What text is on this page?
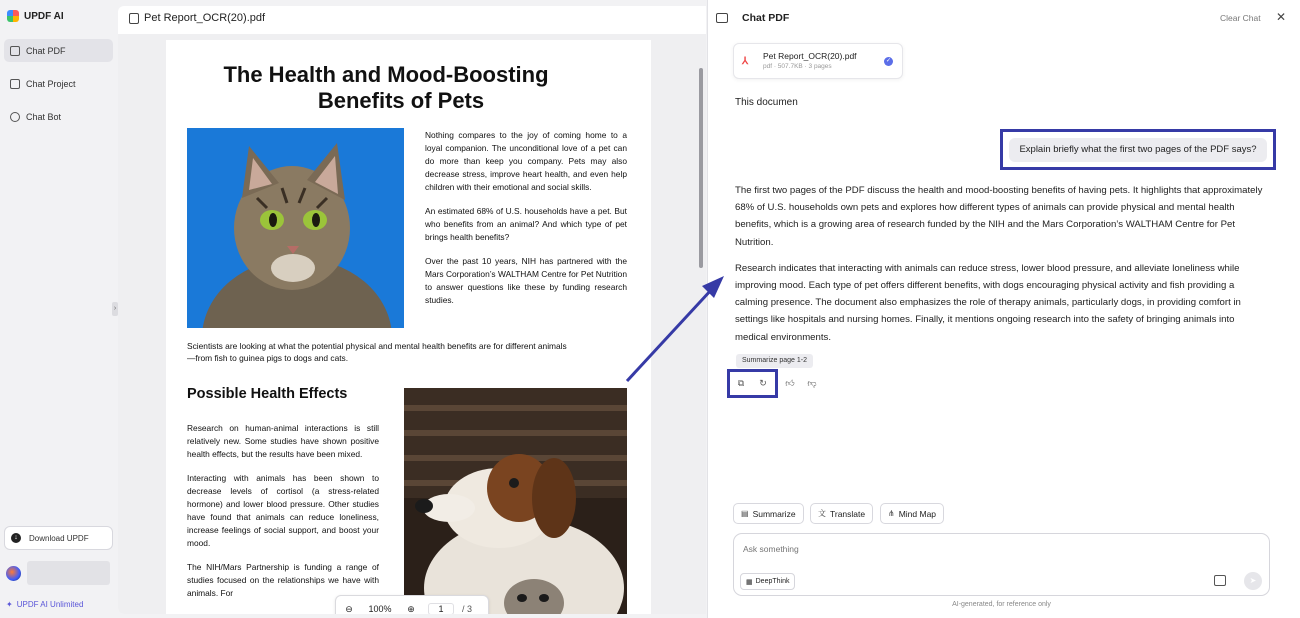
UPDF AI
Chat PDF
Chat Project
Chat Bot
↓	Download UPDF
✦ UPDF AI Unlimited
›
Pet Report_OCR(20).pdf
The Health and Mood-Boosting
Benefits of Pets

Nothing compares to the joy of coming home to a loyal companion. The unconditional love of a pet can do more than keep you company. Pets may also decrease stress, improve heart health, and even help children with their emotional and social skills.

An estimated 68% of U.S. households have a pet. But who benefits from an animal? And which type of pet brings health benefits?

Over the past 10 years, NIH has partnered with the Mars Corporation’s WALTHAM Centre for Pet Nutrition to answer questions like these by funding research studies.

Scientists are looking at what the potential physical and mental health benefits are for different animals—from fish to guinea pigs to dogs and cats.
Possible Health Effects

Research on human-animal interactions is still relatively new. Some studies have shown positive health effects, but the results have been mixed.

Interacting with animals has been shown to decrease levels of cortisol (a stress-related hormone) and lower blood pressure. Other studies have found that animals can reduce loneliness, increase feelings of social support, and boost your mood.

The NIH/Mars Partnership is funding a range of studies focused on the relationships we have with animals. For

⊖	100%	⊕	1	/ 3
Chat PDF	Clear Chat ✕
⅄	Pet Report_OCR(20).pdf
pdf · 507.7KB · 3 pages
✓
This documen
Explain briefly what the first two pages of the PDF says?

The first two pages of the PDF discuss the health and mood-boosting benefits of having pets. It highlights that approximately 68% of U.S. households own pets and explores how different types of animals can provide physical and mental health benefits, which is a growing area of research funded by the NIH and the Mars Corporation’s WALTHAM Centre for Pet Nutrition.

Research indicates that interacting with animals can reduce stress, lower blood pressure, and alleviate loneliness while improving mood. Each type of pet offers different benefits, with dogs encouraging physical activity and fish providing a calming presence. The document also emphasizes the role of therapy animals, particularly dogs, in providing comfort in settings like hospitals and nursing homes. Finally, it mentions ongoing research into the safety of bringing animals into medical environments.

Summarize page 1-2
⧉ ↻ 👍︎ 👎︎
▤ Summarize	文 Translate	⋔ Mind Map
Ask something
▦ DeepThink	➤
AI-generated, for reference only
